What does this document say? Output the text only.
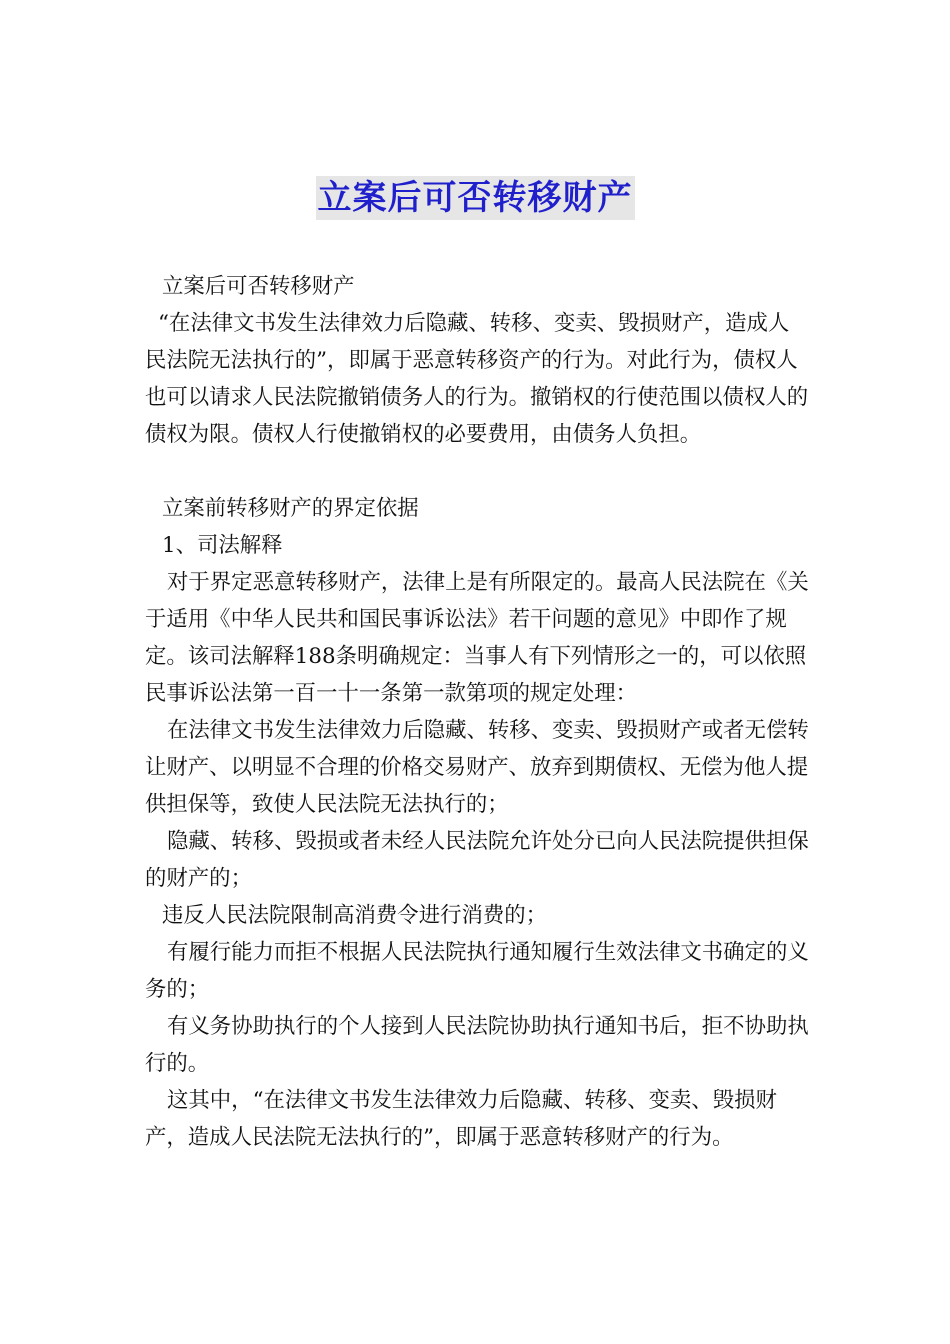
立案后可否转移财产

立案后可否转移财产

“在法律文书发生法律效力后隐藏、转移、变卖、毁损财产，造成人民法院无法执行的”，即属于恶意转移资产的行为。对此行为，债权人也可以请求人民法院撤销债务人的行为。撤销权的行使范围以债权人的债权为限。债权人行使撤销权的必要费用，由债务人负担。

立案前转移财产的界定依据

1、司法解释

对于界定恶意转移财产，法律上是有所限定的。最高人民法院在《关于适用《中华人民共和国民事诉讼法》若干问题的意见》中即作了规定。该司法解释188条明确规定：当事人有下列情形之一的，可以依照民事诉讼法第一百一十一条第一款第项的规定处理：

在法律文书发生法律效力后隐藏、转移、变卖、毁损财产或者无偿转让财产、以明显不合理的价格交易财产、放弃到期债权、无偿为他人提供担保等，致使人民法院无法执行的；

隐藏、转移、毁损或者未经人民法院允许处分已向人民法院提供担保的财产的；

违反人民法院限制高消费令进行消费的；

有履行能力而拒不根据人民法院执行通知履行生效法律文书确定的义务的；

有义务协助执行的个人接到人民法院协助执行通知书后，拒不协助执行的。

这其中，“在法律文书发生法律效力后隐藏、转移、变卖、毁损财产，造成人民法院无法执行的”，即属于恶意转移财产的行为。
